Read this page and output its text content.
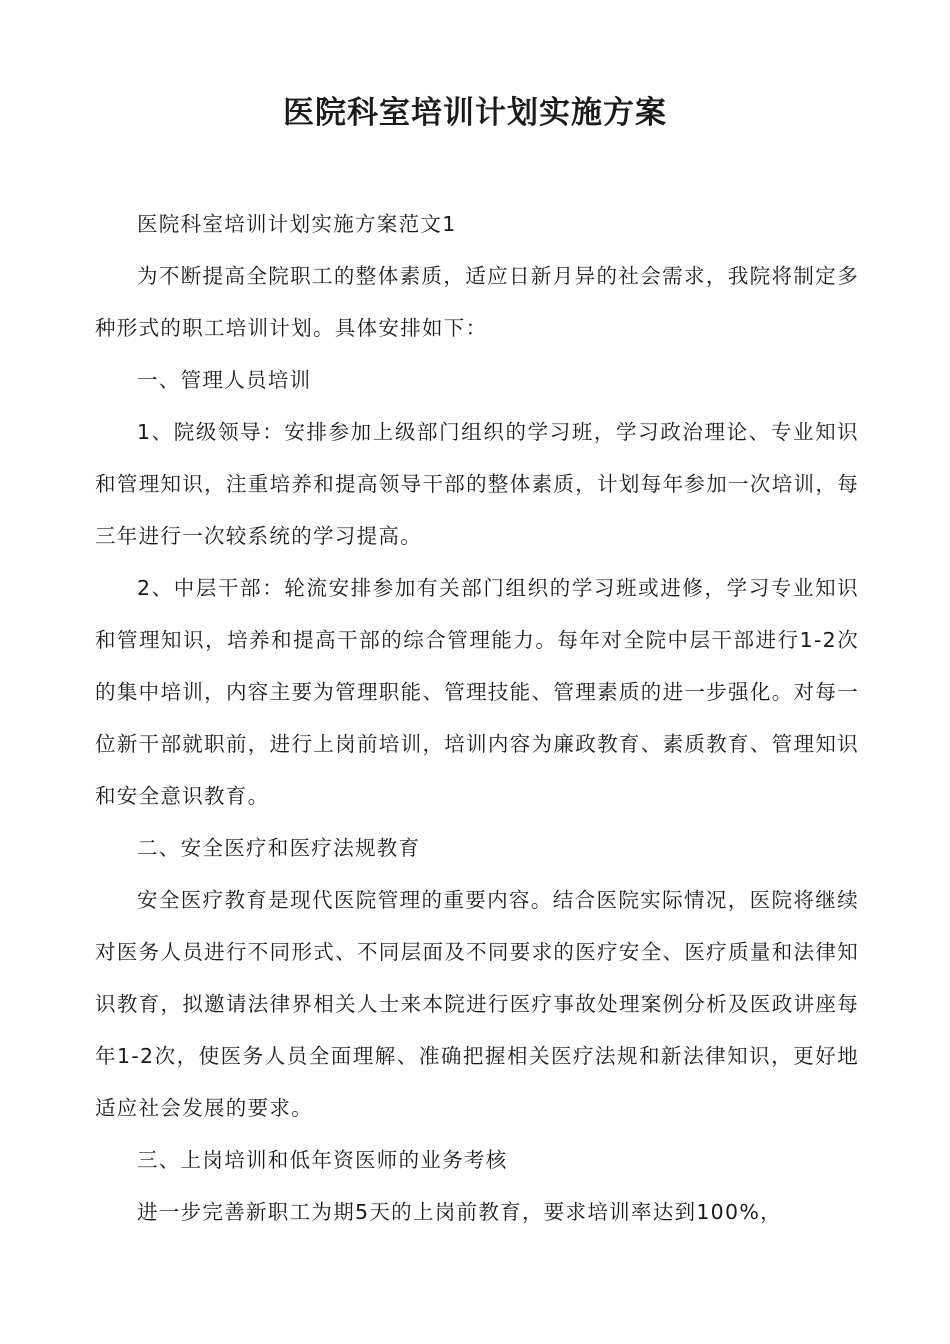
医院科室培训计划实施方案

医院科室培训计划实施方案范文1

为不断提高全院职工的整体素质，适应日新月异的社会需求，我院将制定多种形式的职工培训计划。具体安排如下：

一、管理人员培训

1、院级领导：安排参加上级部门组织的学习班，学习政治理论、专业知识和管理知识，注重培养和提高领导干部的整体素质，计划每年参加一次培训，每三年进行一次较系统的学习提高。

2、中层干部：轮流安排参加有关部门组织的学习班或进修，学习专业知识和管理知识，培养和提高干部的综合管理能力。每年对全院中层干部进行1-2次的集中培训，内容主要为管理职能、管理技能、管理素质的进一步强化。对每一位新干部就职前，进行上岗前培训，培训内容为廉政教育、素质教育、管理知识和安全意识教育。

二、安全医疗和医疗法规教育

安全医疗教育是现代医院管理的重要内容。结合医院实际情况，医院将继续对医务人员进行不同形式、不同层面及不同要求的医疗安全、医疗质量和法律知识教育，拟邀请法律界相关人士来本院进行医疗事故处理案例分析及医政讲座每年1-2次，使医务人员全面理解、准确把握相关医疗法规和新法律知识，更好地适应社会发展的要求。

三、上岗培训和低年资医师的业务考核

进一步完善新职工为期5天的上岗前教育，要求培训率达到100%，
